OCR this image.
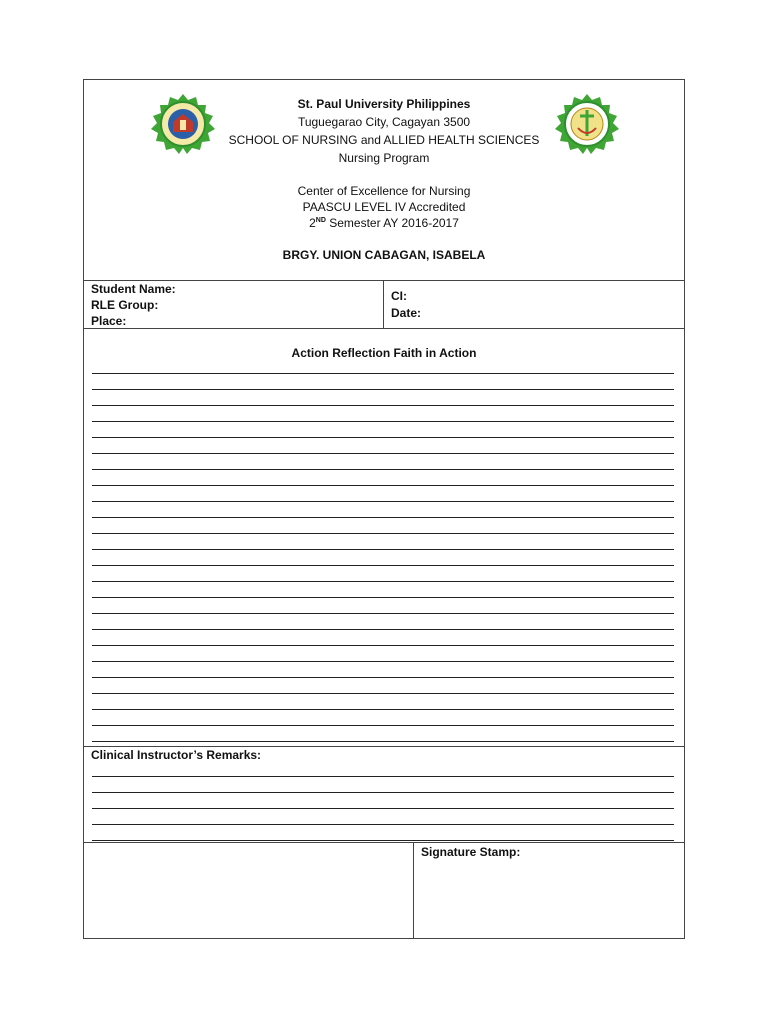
St. Paul University Philippines
Tuguegarao City, Cagayan 3500
SCHOOL OF NURSING and ALLIED HEALTH SCIENCES
Nursing Program
Center of Excellence for Nursing
PAASCU LEVEL IV Accredited
2ND Semester AY 2016-2017
BRGY. UNION CABAGAN, ISABELA
Student Name:
RLE Group:
Place:
CI:
Date:
Action Reflection Faith in Action
Clinical Instructor’s Remarks:
Signature Stamp:
